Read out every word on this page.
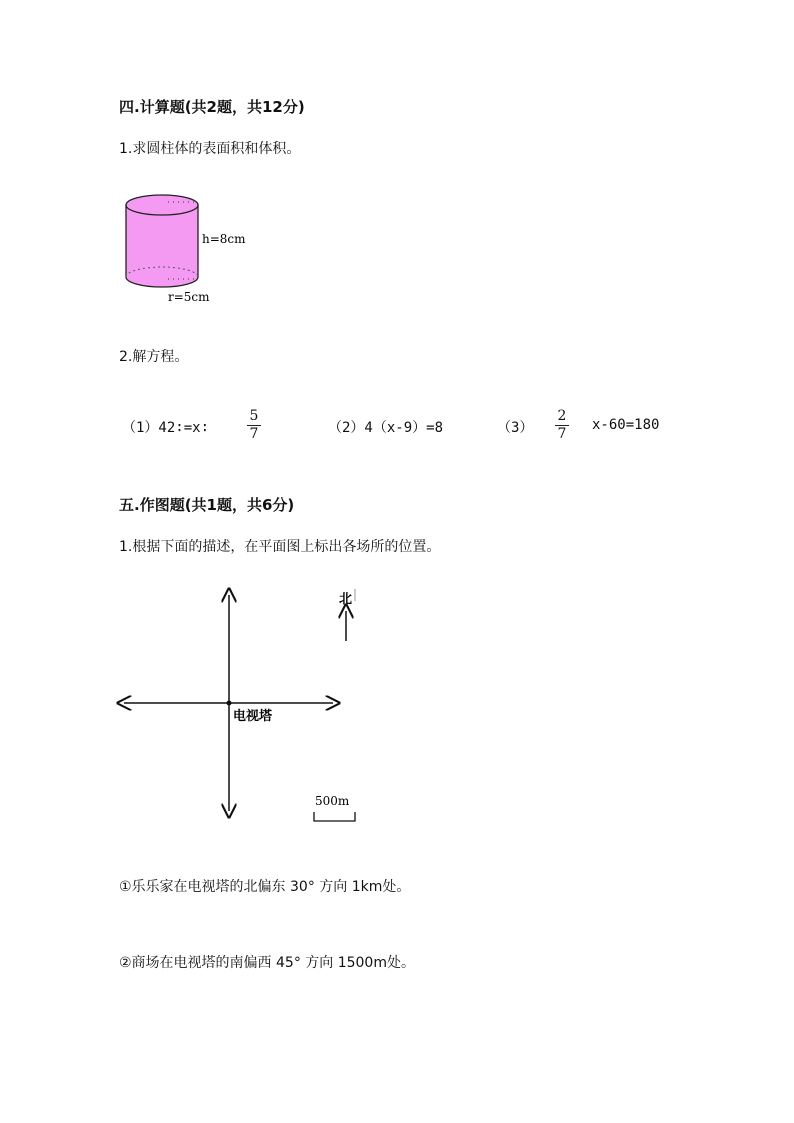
四.计算题(共2题，共12分)
1.求圆柱体的表面积和体积。
h=8cm
r=5cm
2.解方程。
（1）42∶=x∶
5
7	（2）4（x-9）=8	（3）
2
7
x-60=180
五.作图题(共1题，共6分)
1.根据下面的描述，在平面图上标出各场所的位置。
电视塔
北
500m
①乐乐家在电视塔的北偏东 30° 方向 1km处。
②商场在电视塔的南偏西 45° 方向 1500m处。
